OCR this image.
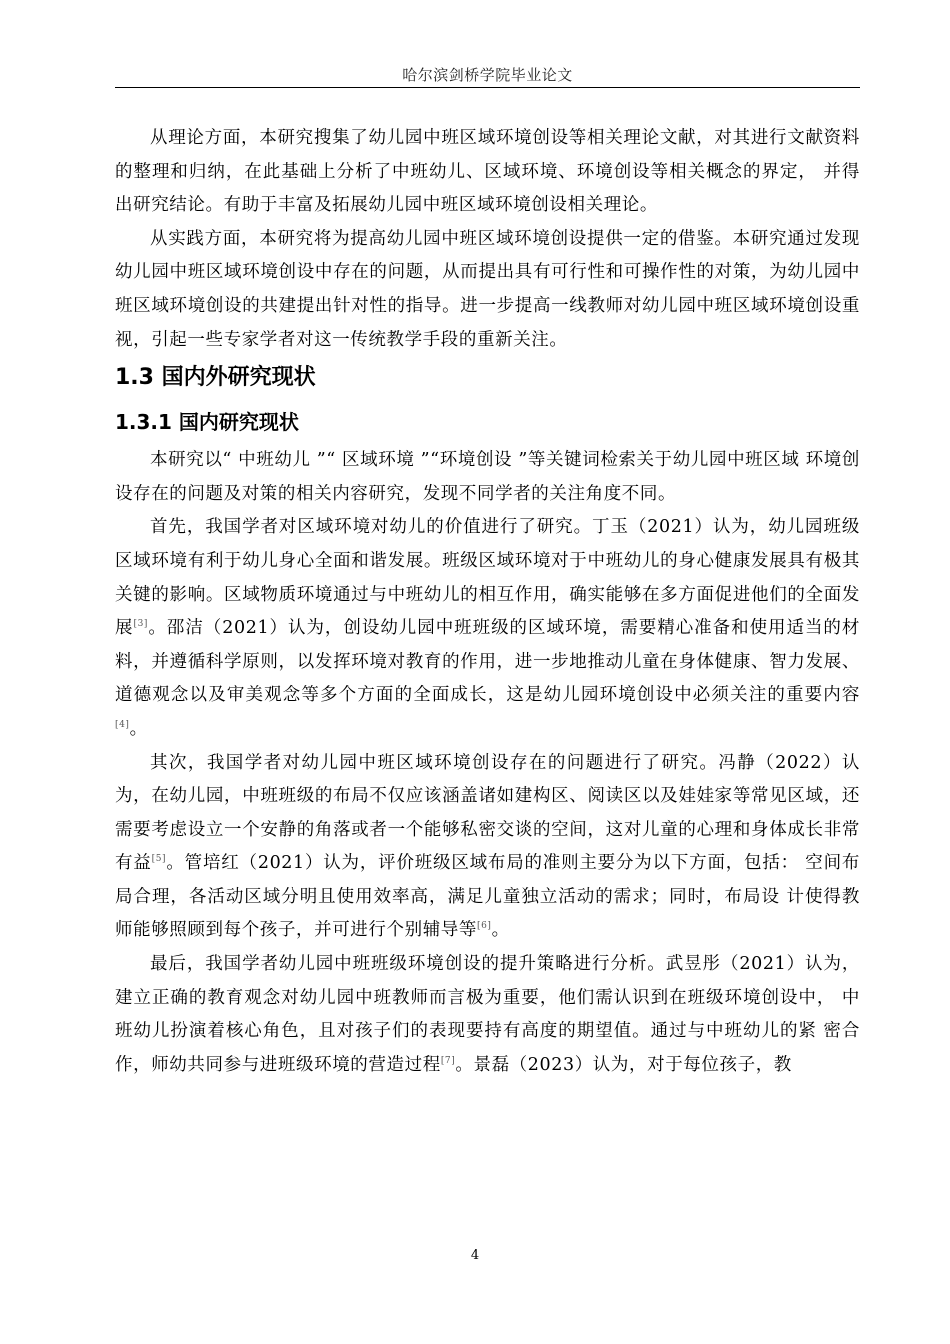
哈尔滨剑桥学院毕业论文

从理论方面，本研究搜集了幼儿园中班区域环境创设等相关理论文献，对其进行文献资料的整理和归纳，在此基础上分析了中班幼儿、区域环境、环境创设等相关概念的界定， 并得出研究结论。有助于丰富及拓展幼儿园中班区域环境创设相关理论。

从实践方面，本研究将为提高幼儿园中班区域环境创设提供一定的借鉴。本研究通过发现幼儿园中班区域环境创设中存在的问题，从而提出具有可行性和可操作性的对策，为幼儿园中班区域环境创设的共建提出针对性的指导。进一步提高一线教师对幼儿园中班区域环境创设重视，引起一些专家学者对这一传统教学手段的重新关注。

1.3 国内外研究现状
1.3.1 国内研究现状

本研究以“ 中班幼儿 ”“ 区域环境 ”“环境创设 ”等关键词检索关于幼儿园中班区域 环境创设存在的问题及对策的相关内容研究，发现不同学者的关注角度不同。

首先，我国学者对区域环境对幼儿的价值进行了研究。丁玉（2021）认为，幼儿园班级区域环境有利于幼儿身心全面和谐发展。班级区域环境对于中班幼儿的身心健康发展具有极其关键的影响。区域物质环境通过与中班幼儿的相互作用，确实能够在多方面促进他们的全面发展[3]。邵洁（2021）认为，创设幼儿园中班班级的区域环境，需要精心准备和使用适当的材料，并遵循科学原则，以发挥环境对教育的作用，进一步地推动儿童在身体健康、智力发展、道德观念以及审美观念等多个方面的全面成长，这是幼儿园环境创设中必须关注的重要内容[4]。

其次，我国学者对幼儿园中班区域环境创设存在的问题进行了研究。冯静（2022）认为，在幼儿园，中班班级的布局不仅应该涵盖诸如建构区、阅读区以及娃娃家等常见区域，还需要考虑设立一个安静的角落或者一个能够私密交谈的空间，这对儿童的心理和身体成长非常有益[5]。管培红（2021）认为，评价班级区域布局的准则主要分为以下方面，包括： 空间布局合理，各活动区域分明且使用效率高，满足儿童独立活动的需求；同时，布局设 计使得教师能够照顾到每个孩子，并可进行个别辅导等[6]。

最后，我国学者幼儿园中班班级环境创设的提升策略进行分析。武昱彤（2021）认为， 建立正确的教育观念对幼儿园中班教师而言极为重要，他们需认识到在班级环境创设中， 中班幼儿扮演着核心角色，且对孩子们的表现要持有高度的期望值。通过与中班幼儿的紧 密合作，师幼共同参与进班级环境的营造过程[7]。景磊（2023）认为，对于每位孩子，教

4
